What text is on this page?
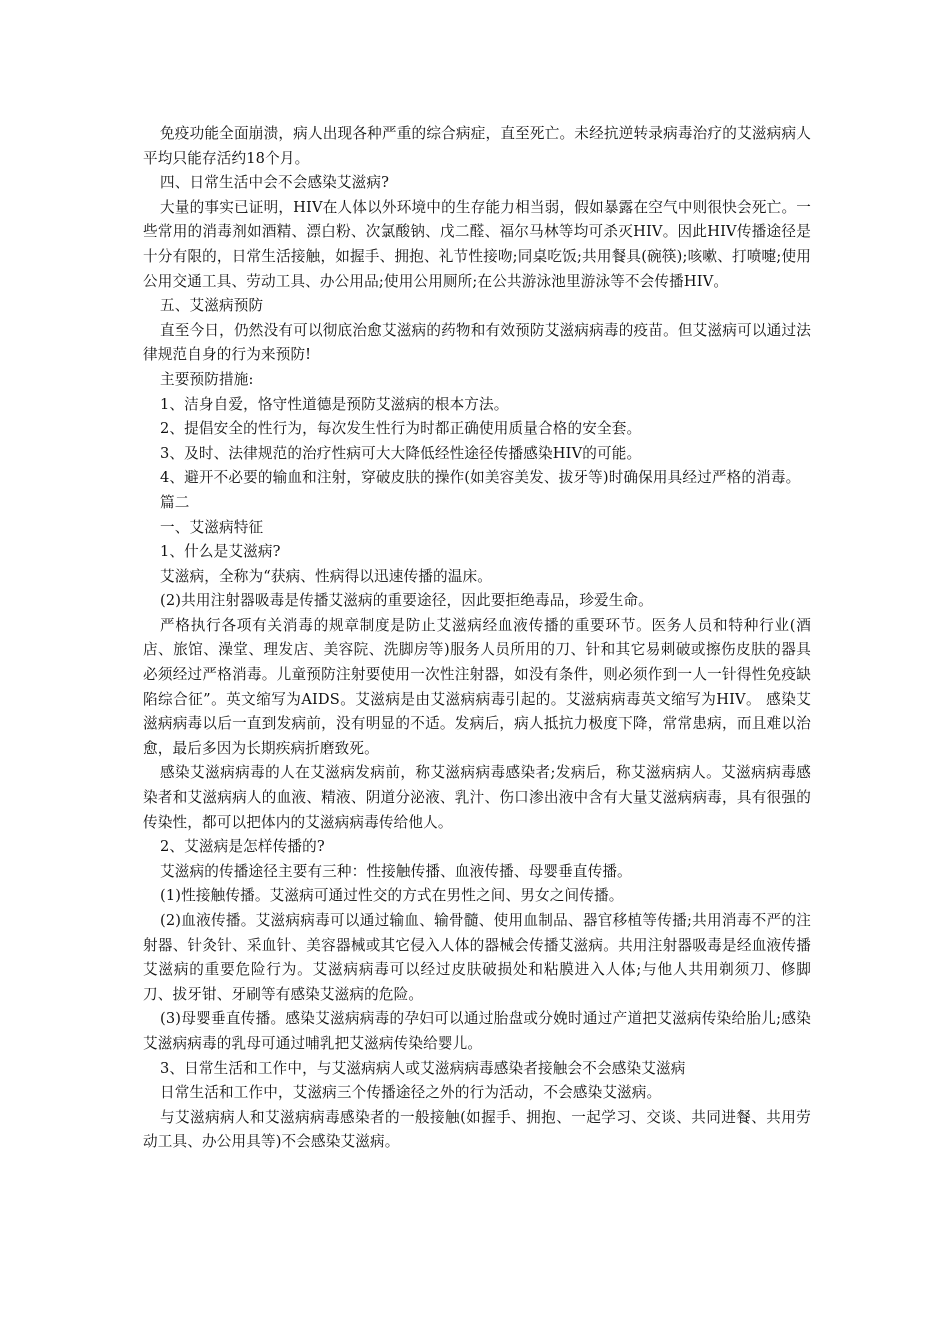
免疫功能全面崩溃，病人出现各种严重的综合病症，直至死亡。未经抗逆转录病毒治疗的艾滋病病人平均只能存活约18个月。

四、日常生活中会不会感染艾滋病?

大量的事实已证明，HIV在人体以外环境中的生存能力相当弱，假如暴露在空气中则很快会死亡。一些常用的消毒剂如酒精、漂白粉、次氯酸钠、戊二醛、福尔马林等均可杀灭HIV。因此HIV传播途径是十分有限的，日常生活接触，如握手、拥抱、礼节性接吻;同桌吃饭;共用餐具(碗筷);咳嗽、打喷嚏;使用公用交通工具、劳动工具、办公用品;使用公用厕所;在公共游泳池里游泳等不会传播HIV。

五、艾滋病预防

直至今日，仍然没有可以彻底治愈艾滋病的药物和有效预防艾滋病病毒的疫苗。但艾滋病可以通过法律规范自身的行为来预防!

主要预防措施:

1、洁身自爱，恪守性道德是预防艾滋病的根本方法。

2、提倡安全的性行为，每次发生性行为时都正确使用质量合格的安全套。

3、及时、法律规范的治疗性病可大大降低经性途径传播感染HIV的可能。

4、避开不必要的输血和注射，穿破皮肤的操作(如美容美发、拔牙等)时确保用具经过严格的消毒。

篇二

一、艾滋病特征

1、什么是艾滋病?

艾滋病，全称为“获病、性病得以迅速传播的温床。

(2)共用注射器吸毒是传播艾滋病的重要途径，因此要拒绝毒品，珍爱生命。

严格执行各项有关消毒的规章制度是防止艾滋病经血液传播的重要环节。医务人员和特种行业(酒店、旅馆、澡堂、理发店、美容院、洗脚房等)服务人员所用的刀、针和其它易刺破或擦伤皮肤的器具必须经过严格消毒。儿童预防注射要使用一次性注射器，如没有条件，则必须作到一人一针得性免疫缺陷综合征”。英文缩写为AIDS。艾滋病是由艾滋病病毒引起的。艾滋病病毒英文缩写为HIV。 感染艾滋病病毒以后一直到发病前，没有明显的不适。发病后，病人抵抗力极度下降，常常患病，而且难以治愈，最后多因为长期疾病折磨致死。

感染艾滋病病毒的人在艾滋病发病前，称艾滋病病毒感染者;发病后，称艾滋病病人。艾滋病病毒感染者和艾滋病病人的血液、精液、阴道分泌液、乳汁、伤口渗出液中含有大量艾滋病病毒，具有很强的传染性，都可以把体内的艾滋病病毒传给他人。

2、艾滋病是怎样传播的?

艾滋病的传播途径主要有三种：性接触传播、血液传播、母婴垂直传播。

(1)性接触传播。艾滋病可通过性交的方式在男性之间、男女之间传播。

(2)血液传播。艾滋病病毒可以通过输血、输骨髓、使用血制品、器官移植等传播;共用消毒不严的注射器、针灸针、采血针、美容器械或其它侵入人体的器械会传播艾滋病。共用注射器吸毒是经血液传播艾滋病的重要危险行为。艾滋病病毒可以经过皮肤破损处和粘膜进入人体;与他人共用剃须刀、修脚刀、拔牙钳、牙刷等有感染艾滋病的危险。

(3)母婴垂直传播。感染艾滋病病毒的孕妇可以通过胎盘或分娩时通过产道把艾滋病传染给胎儿;感染艾滋病病毒的乳母可通过哺乳把艾滋病传染给婴儿。

3、日常生活和工作中，与艾滋病病人或艾滋病病毒感染者接触会不会感染艾滋病

日常生活和工作中，艾滋病三个传播途径之外的行为活动，不会感染艾滋病。

与艾滋病病人和艾滋病病毒感染者的一般接触(如握手、拥抱、一起学习、交谈、共同进餐、共用劳动工具、办公用具等)不会感染艾滋病。
